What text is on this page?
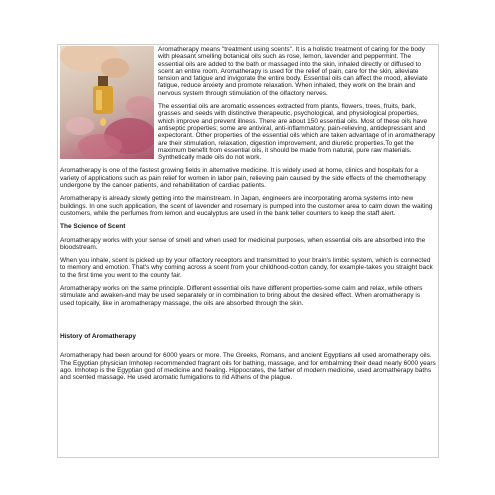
Aromatherapy means "treatment using scents". It is a holistic treatment of caring for the body with pleasant smelling botanical oils such as rose, lemon, lavender and peppermint. The essential oils are added to the bath or massaged into the skin, inhaled directly or diffused to scent an entire room. Aromatherapy is used for the relief of pain, care for the skin, alleviate tension and fatigue and invigorate the entire body. Essential oils can affect the mood, alleviate fatigue, reduce anxiety and promote relaxation. When inhaled, they work on the brain and nervous system through stimulation of the olfactory nerves.

The essential oils are aromatic essences extracted from plants, flowers, trees, fruits, bark, grasses and seeds with distinctive therapeutic, psychological, and physiological properties, which improve and prevent illness. There are about 150 essential oils. Most of these oils have antiseptic properties; some are antiviral, anti-inflammatory, pain-relieving, antidepressant and expectorant. Other properties of the essential oils which are taken advantage of in aromatherapy are their stimulation, relaxation, digestion improvement, and diuretic properties.To get the maximum benefit from essential oils, it should be made from natural, pure raw materials. Synthetically made oils do not work.

Aromatherapy is one of the fastest growing fields in alternative medicine. It is widely used at home, clinics and hospitals for a variety of applications such as pain relief for women in labor pain, relieving pain caused by the side effects of the chemotherapy undergone by the cancer patients, and rehabilitation of cardiac patients.

Aromatherapy is already slowly getting into the mainstream. In Japan, engineers are incorporating aroma systems into new buildings. In one such application, the scent of lavender and rosemary is pumped into the customer area to calm down the waiting customers, while the perfumes from lemon and eucalyptus are used in the bank teller counters to keep the staff alert.

The Science of Scent

Aromatherapy works with your sense of smell and when used for medicinal purposes, when essential oils are absorbed into the bloodstream.

When you inhale, scent is picked up by your olfactory receptors and transmitted to your brain's limbic system, which is connected to memory and emotion. That's why coming across a scent from your childhood-cotton candy, for example-takes you straight back to the first time you went to the county fair.

Aromatherapy works on the same principle. Different essential oils have different properties-some calm and relax, while others stimulate and awaken-and may be used separately or in combination to bring about the desired effect. When aromatherapy is used topically, like in aromatherapy massage, the oils are absorbed through the skin.

History of Aromatherapy

Aromatherapy had been around for 6000 years or more. The Greeks, Romans, and ancient Egyptians all used aromatherapy oils. The Egyptian physician Imhotep recommended fragrant oils for bathing, massage, and for embalming their dead nearly 6000 years ago. Imhotep is the Egyptian god of medicine and healing. Hippocrates, the father of modern medicine, used aromatherapy baths and scented massage. He used aromatic fumigations to rid Athens of the plague.
